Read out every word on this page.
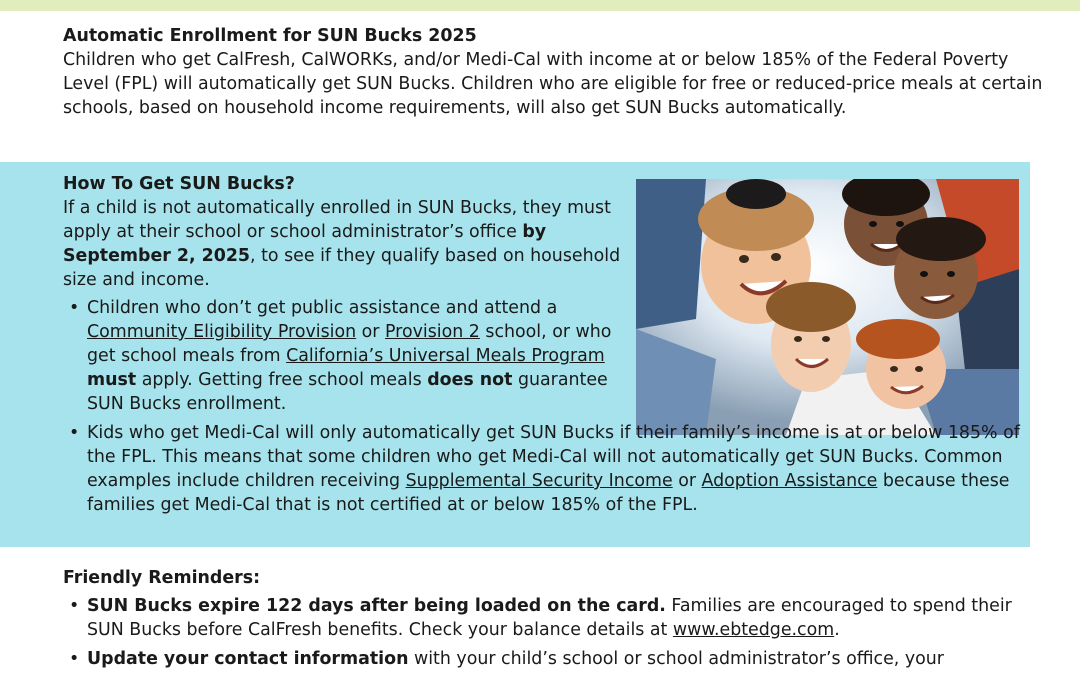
Automatic Enrollment for SUN Bucks 2025
Children who get CalFresh, CalWORKs, and/or Medi-Cal with income at or below 185% of the Federal Poverty Level (FPL) will automatically get SUN Bucks. Children who are eligible for free or reduced-price meals at certain schools, based on household income requirements, will also get SUN Bucks automatically.
How To Get SUN Bucks?
If a child is not automatically enrolled in SUN Bucks, they must apply at their school or school administrator’s office by September 2, 2025, to see if they qualify based on household size and income.
• Children who don’t get public assistance and attend a Community Eligibility Provision or Provision 2 school, or who get school meals from California’s Universal Meals Program must apply. Getting free school meals does not guarantee SUN Bucks enrollment.
• Kids who get Medi-Cal will only automatically get SUN Bucks if their family’s income is at or below 185% of the FPL. This means that some children who get Medi-Cal will not automatically get SUN Bucks. Common examples include children receiving Supplemental Security Income or Adoption Assistance because these families get Medi-Cal that is not certified at or below 185% of the FPL.
Friendly Reminders:
• SUN Bucks expire 122 days after being loaded on the card. Families are encouraged to spend their SUN Bucks before CalFresh benefits. Check your balance details at www.ebtedge.com.
• Update your contact information with your child’s school or school administrator’s office, your
